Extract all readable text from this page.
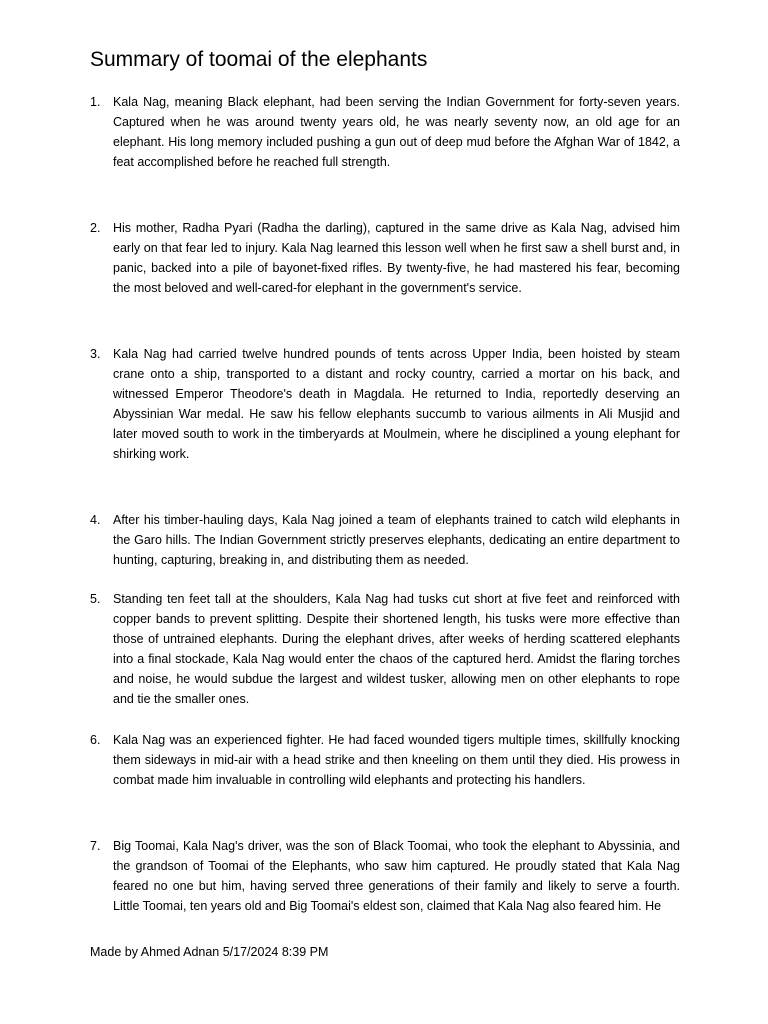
Summary of toomai of the elephants
1.	Kala Nag, meaning Black elephant, had been serving the Indian Government for forty-seven years. Captured when he was around twenty years old, he was nearly seventy now, an old age for an elephant. His long memory included pushing a gun out of deep mud before the Afghan War of 1842, a feat accomplished before he reached full strength.
2.	His mother, Radha Pyari (Radha the darling), captured in the same drive as Kala Nag, advised him early on that fear led to injury. Kala Nag learned this lesson well when he first saw a shell burst and, in panic, backed into a pile of bayonet-fixed rifles. By twenty-five, he had mastered his fear, becoming the most beloved and well-cared-for elephant in the government's service.
3.	Kala Nag had carried twelve hundred pounds of tents across Upper India, been hoisted by steam crane onto a ship, transported to a distant and rocky country, carried a mortar on his back, and witnessed Emperor Theodore's death in Magdala. He returned to India, reportedly deserving an Abyssinian War medal. He saw his fellow elephants succumb to various ailments in Ali Musjid and later moved south to work in the timberyards at Moulmein, where he disciplined a young elephant for shirking work.
4.	After his timber-hauling days, Kala Nag joined a team of elephants trained to catch wild elephants in the Garo hills. The Indian Government strictly preserves elephants, dedicating an entire department to hunting, capturing, breaking in, and distributing them as needed.
5.	Standing ten feet tall at the shoulders, Kala Nag had tusks cut short at five feet and reinforced with copper bands to prevent splitting. Despite their shortened length, his tusks were more effective than those of untrained elephants. During the elephant drives, after weeks of herding scattered elephants into a final stockade, Kala Nag would enter the chaos of the captured herd. Amidst the flaring torches and noise, he would subdue the largest and wildest tusker, allowing men on other elephants to rope and tie the smaller ones.
6.	Kala Nag was an experienced fighter. He had faced wounded tigers multiple times, skillfully knocking them sideways in mid-air with a head strike and then kneeling on them until they died. His prowess in combat made him invaluable in controlling wild elephants and protecting his handlers.
7.	Big Toomai, Kala Nag's driver, was the son of Black Toomai, who took the elephant to Abyssinia, and the grandson of Toomai of the Elephants, who saw him captured. He proudly stated that Kala Nag feared no one but him, having served three generations of their family and likely to serve a fourth. Little Toomai, ten years old and Big Toomai's eldest son, claimed that Kala Nag also feared him. He
Made by Ahmed Adnan 5/17/2024 8:39 PM
